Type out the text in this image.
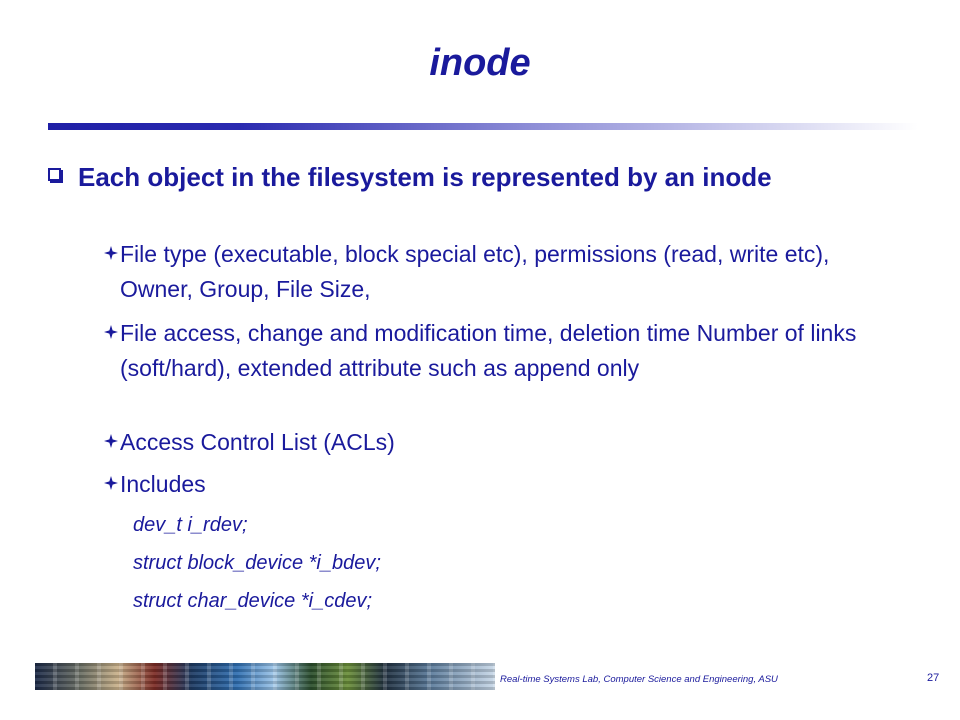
inode
Each object in the filesystem is represented by an inode
File type (executable, block special etc), permissions (read, write etc), Owner, Group, File Size,
File access, change and modification time, deletion time Number of links (soft/hard), extended attribute such as append only
Access Control List (ACLs)
Includes
dev_t i_rdev;
struct block_device *i_bdev;
struct char_device *i_cdev;
Real-time Systems Lab, Computer Science and Engineering, ASU	27
